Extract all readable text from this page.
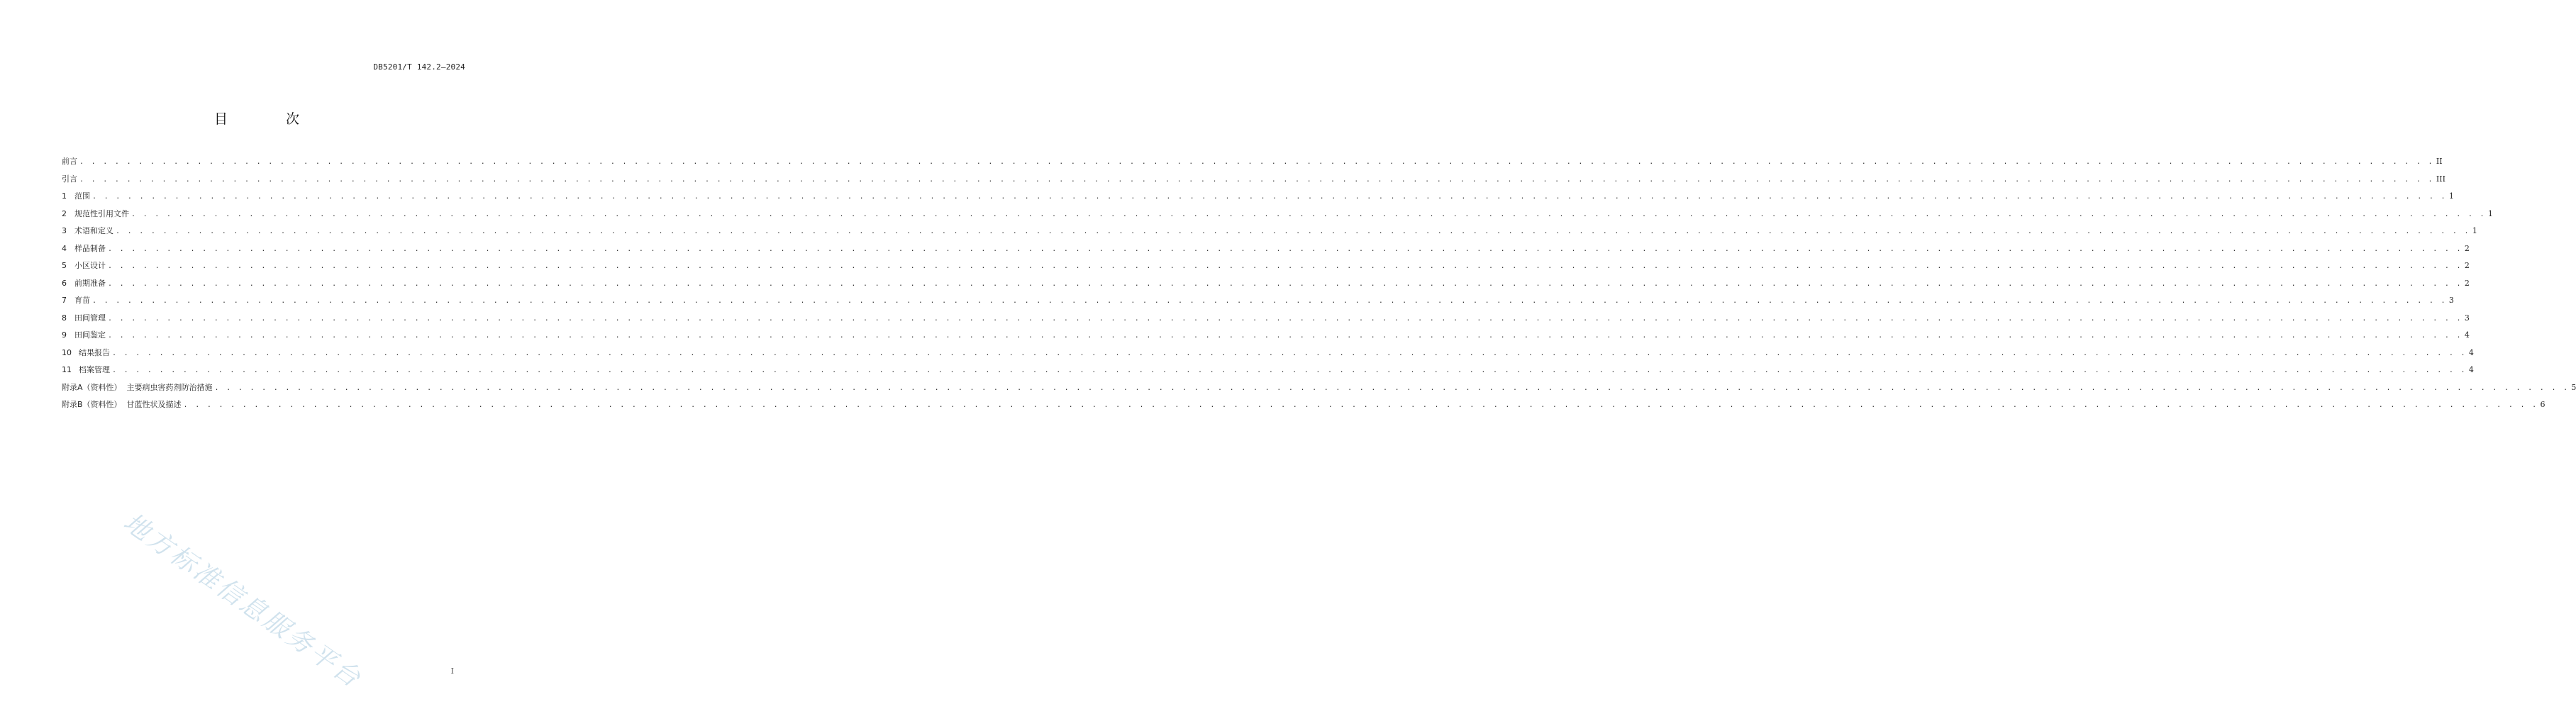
DB5201/T 142.2—2024
目 次
前言 . . . . . . . . . . . . . . . . . . . . . . . . . . . . . . . . . . . . . . . . . . . . . . . . . . . . . . . . . . . . . . . . . . . . . . . . . . . . . . . . . . . . . . . . . . . . . . . . . . . . . . . . . . . . . . . . . . . . . . . . . . . . . . . . . . . . . . . . . . . . . . . . . . . . . . . . . . . . . . . . . . . . . . . . . . . . . . . . . . . . . . . . . . . . . . . . . . . . . . . . II
引言 . . . . . . . . . . . . . . . . . . . . . . . . . . . . . . . . . . . . . . . . . . . . . . . . . . . . . . . . . . . . . . . . . . . . . . . . . . . . . . . . . . . . . . . . . . . . . . . . . . . . . . . . . . . . . . . . . . . . . . . . . . . . . . . . . . . . . . . . . . . . . . . . . . . . . . . . . . . . . . . . . . . . . . . . . . . . . . . . . . . . . . . . . . . . . . . . . . . . . . . . III
1	范围 . . . . . . . . . . . . . . . . . . . . . . . . . . . . . . . . . . . . . . . . . . . . . . . . . . . . . . . . . . . . . . . . . . . . . . . . . . . . . . . . . . . . . . . . . . . . . . . . . . . . . . . . . . . . . . . . . . . . . . . . . . . . . . . . . . . . . . . . . . . . . . . . . . . . . . . . . . . . . . . . . . . . . . . . . . . . . . . . . . . . . . . . . . . . . . . . . . . . . . . . 1
2	规范性引用文件 . . . . . . . . . . . . . . . . . . . . . . . . . . . . . . . . . . . . . . . . . . . . . . . . . . . . . . . . . . . . . . . . . . . . . . . . . . . . . . . . . . . . . . . . . . . . . . . . . . . . . . . . . . . . . . . . . . . . . . . . . . . . . . . . . . . . . . . . . . . . . . . . . . . . . . . . . . . . . . . . . . . . . . . . . . . . . . . . . . . . . . . . . . . . . . . . . . . . . . . . 1
3	术语和定义 . . . . . . . . . . . . . . . . . . . . . . . . . . . . . . . . . . . . . . . . . . . . . . . . . . . . . . . . . . . . . . . . . . . . . . . . . . . . . . . . . . . . . . . . . . . . . . . . . . . . . . . . . . . . . . . . . . . . . . . . . . . . . . . . . . . . . . . . . . . . . . . . . . . . . . . . . . . . . . . . . . . . . . . . . . . . . . . . . . . . . . . . . . . . . . . . . . . . . . . . 1
4	样品制备 . . . . . . . . . . . . . . . . . . . . . . . . . . . . . . . . . . . . . . . . . . . . . . . . . . . . . . . . . . . . . . . . . . . . . . . . . . . . . . . . . . . . . . . . . . . . . . . . . . . . . . . . . . . . . . . . . . . . . . . . . . . . . . . . . . . . . . . . . . . . . . . . . . . . . . . . . . . . . . . . . . . . . . . . . . . . . . . . . . . . . . . . . . . . . . . . . . . . . . . . 2
5	小区设计 . . . . . . . . . . . . . . . . . . . . . . . . . . . . . . . . . . . . . . . . . . . . . . . . . . . . . . . . . . . . . . . . . . . . . . . . . . . . . . . . . . . . . . . . . . . . . . . . . . . . . . . . . . . . . . . . . . . . . . . . . . . . . . . . . . . . . . . . . . . . . . . . . . . . . . . . . . . . . . . . . . . . . . . . . . . . . . . . . . . . . . . . . . . . . . . . . . . . . . . . 2
6	前期准备 . . . . . . . . . . . . . . . . . . . . . . . . . . . . . . . . . . . . . . . . . . . . . . . . . . . . . . . . . . . . . . . . . . . . . . . . . . . . . . . . . . . . . . . . . . . . . . . . . . . . . . . . . . . . . . . . . . . . . . . . . . . . . . . . . . . . . . . . . . . . . . . . . . . . . . . . . . . . . . . . . . . . . . . . . . . . . . . . . . . . . . . . . . . . . . . . . . . . . . . . 2
7	育苗 . . . . . . . . . . . . . . . . . . . . . . . . . . . . . . . . . . . . . . . . . . . . . . . . . . . . . . . . . . . . . . . . . . . . . . . . . . . . . . . . . . . . . . . . . . . . . . . . . . . . . . . . . . . . . . . . . . . . . . . . . . . . . . . . . . . . . . . . . . . . . . . . . . . . . . . . . . . . . . . . . . . . . . . . . . . . . . . . . . . . . . . . . . . . . . . . . . . . . . . . 3
8	田间管理 . . . . . . . . . . . . . . . . . . . . . . . . . . . . . . . . . . . . . . . . . . . . . . . . . . . . . . . . . . . . . . . . . . . . . . . . . . . . . . . . . . . . . . . . . . . . . . . . . . . . . . . . . . . . . . . . . . . . . . . . . . . . . . . . . . . . . . . . . . . . . . . . . . . . . . . . . . . . . . . . . . . . . . . . . . . . . . . . . . . . . . . . . . . . . . . . . . . . . . . . 3
9	田间鉴定 . . . . . . . . . . . . . . . . . . . . . . . . . . . . . . . . . . . . . . . . . . . . . . . . . . . . . . . . . . . . . . . . . . . . . . . . . . . . . . . . . . . . . . . . . . . . . . . . . . . . . . . . . . . . . . . . . . . . . . . . . . . . . . . . . . . . . . . . . . . . . . . . . . . . . . . . . . . . . . . . . . . . . . . . . . . . . . . . . . . . . . . . . . . . . . . . . . . . . . . . 4
10 结果报告 . . . . . . . . . . . . . . . . . . . . . . . . . . . . . . . . . . . . . . . . . . . . . . . . . . . . . . . . . . . . . . . . . . . . . . . . . . . . . . . . . . . . . . . . . . . . . . . . . . . . . . . . . . . . . . . . . . . . . . . . . . . . . . . . . . . . . . . . . . . . . . . . . . . . . . . . . . . . . . . . . . . . . . . . . . . . . . . . . . . . . . . . . . . . . . . . . . . . . . . . 4
11 档案管理 . . . . . . . . . . . . . . . . . . . . . . . . . . . . . . . . . . . . . . . . . . . . . . . . . . . . . . . . . . . . . . . . . . . . . . . . . . . . . . . . . . . . . . . . . . . . . . . . . . . . . . . . . . . . . . . . . . . . . . . . . . . . . . . . . . . . . . . . . . . . . . . . . . . . . . . . . . . . . . . . . . . . . . . . . . . . . . . . . . . . . . . . . . . . . . . . . . . . . . . . 4
附录A（资料性）  主要病虫害药剂防治措施 . . . . . . . . . . . . . . . . . . . . . . . . . . . . . . . . . . . . . . . . . . . . . . . . . . . . . . . . . . . . . . . . . . . . . . . . . . . . . . . . . . . . . . . . . . . . . . . . . . . . . . . . . . . . . . . . . . . . . . . . . . . . . . . . . . . . . . . . . . . . . . . . . . . . . . . . . . . . . . . . . . . . . . . . . . . . . . . . . . . . . . . . . . . . . . . . . . . . . . . . 5
附录B（资料性）  甘蓝性状及描述 . . . . . . . . . . . . . . . . . . . . . . . . . . . . . . . . . . . . . . . . . . . . . . . . . . . . . . . . . . . . . . . . . . . . . . . . . . . . . . . . . . . . . . . . . . . . . . . . . . . . . . . . . . . . . . . . . . . . . . . . . . . . . . . . . . . . . . . . . . . . . . . . . . . . . . . . . . . . . . . . . . . . . . . . . . . . . . . . . . . . . . . . . . . . . . . . . . . . . . . . 6
地方标准信息服务平台	I
